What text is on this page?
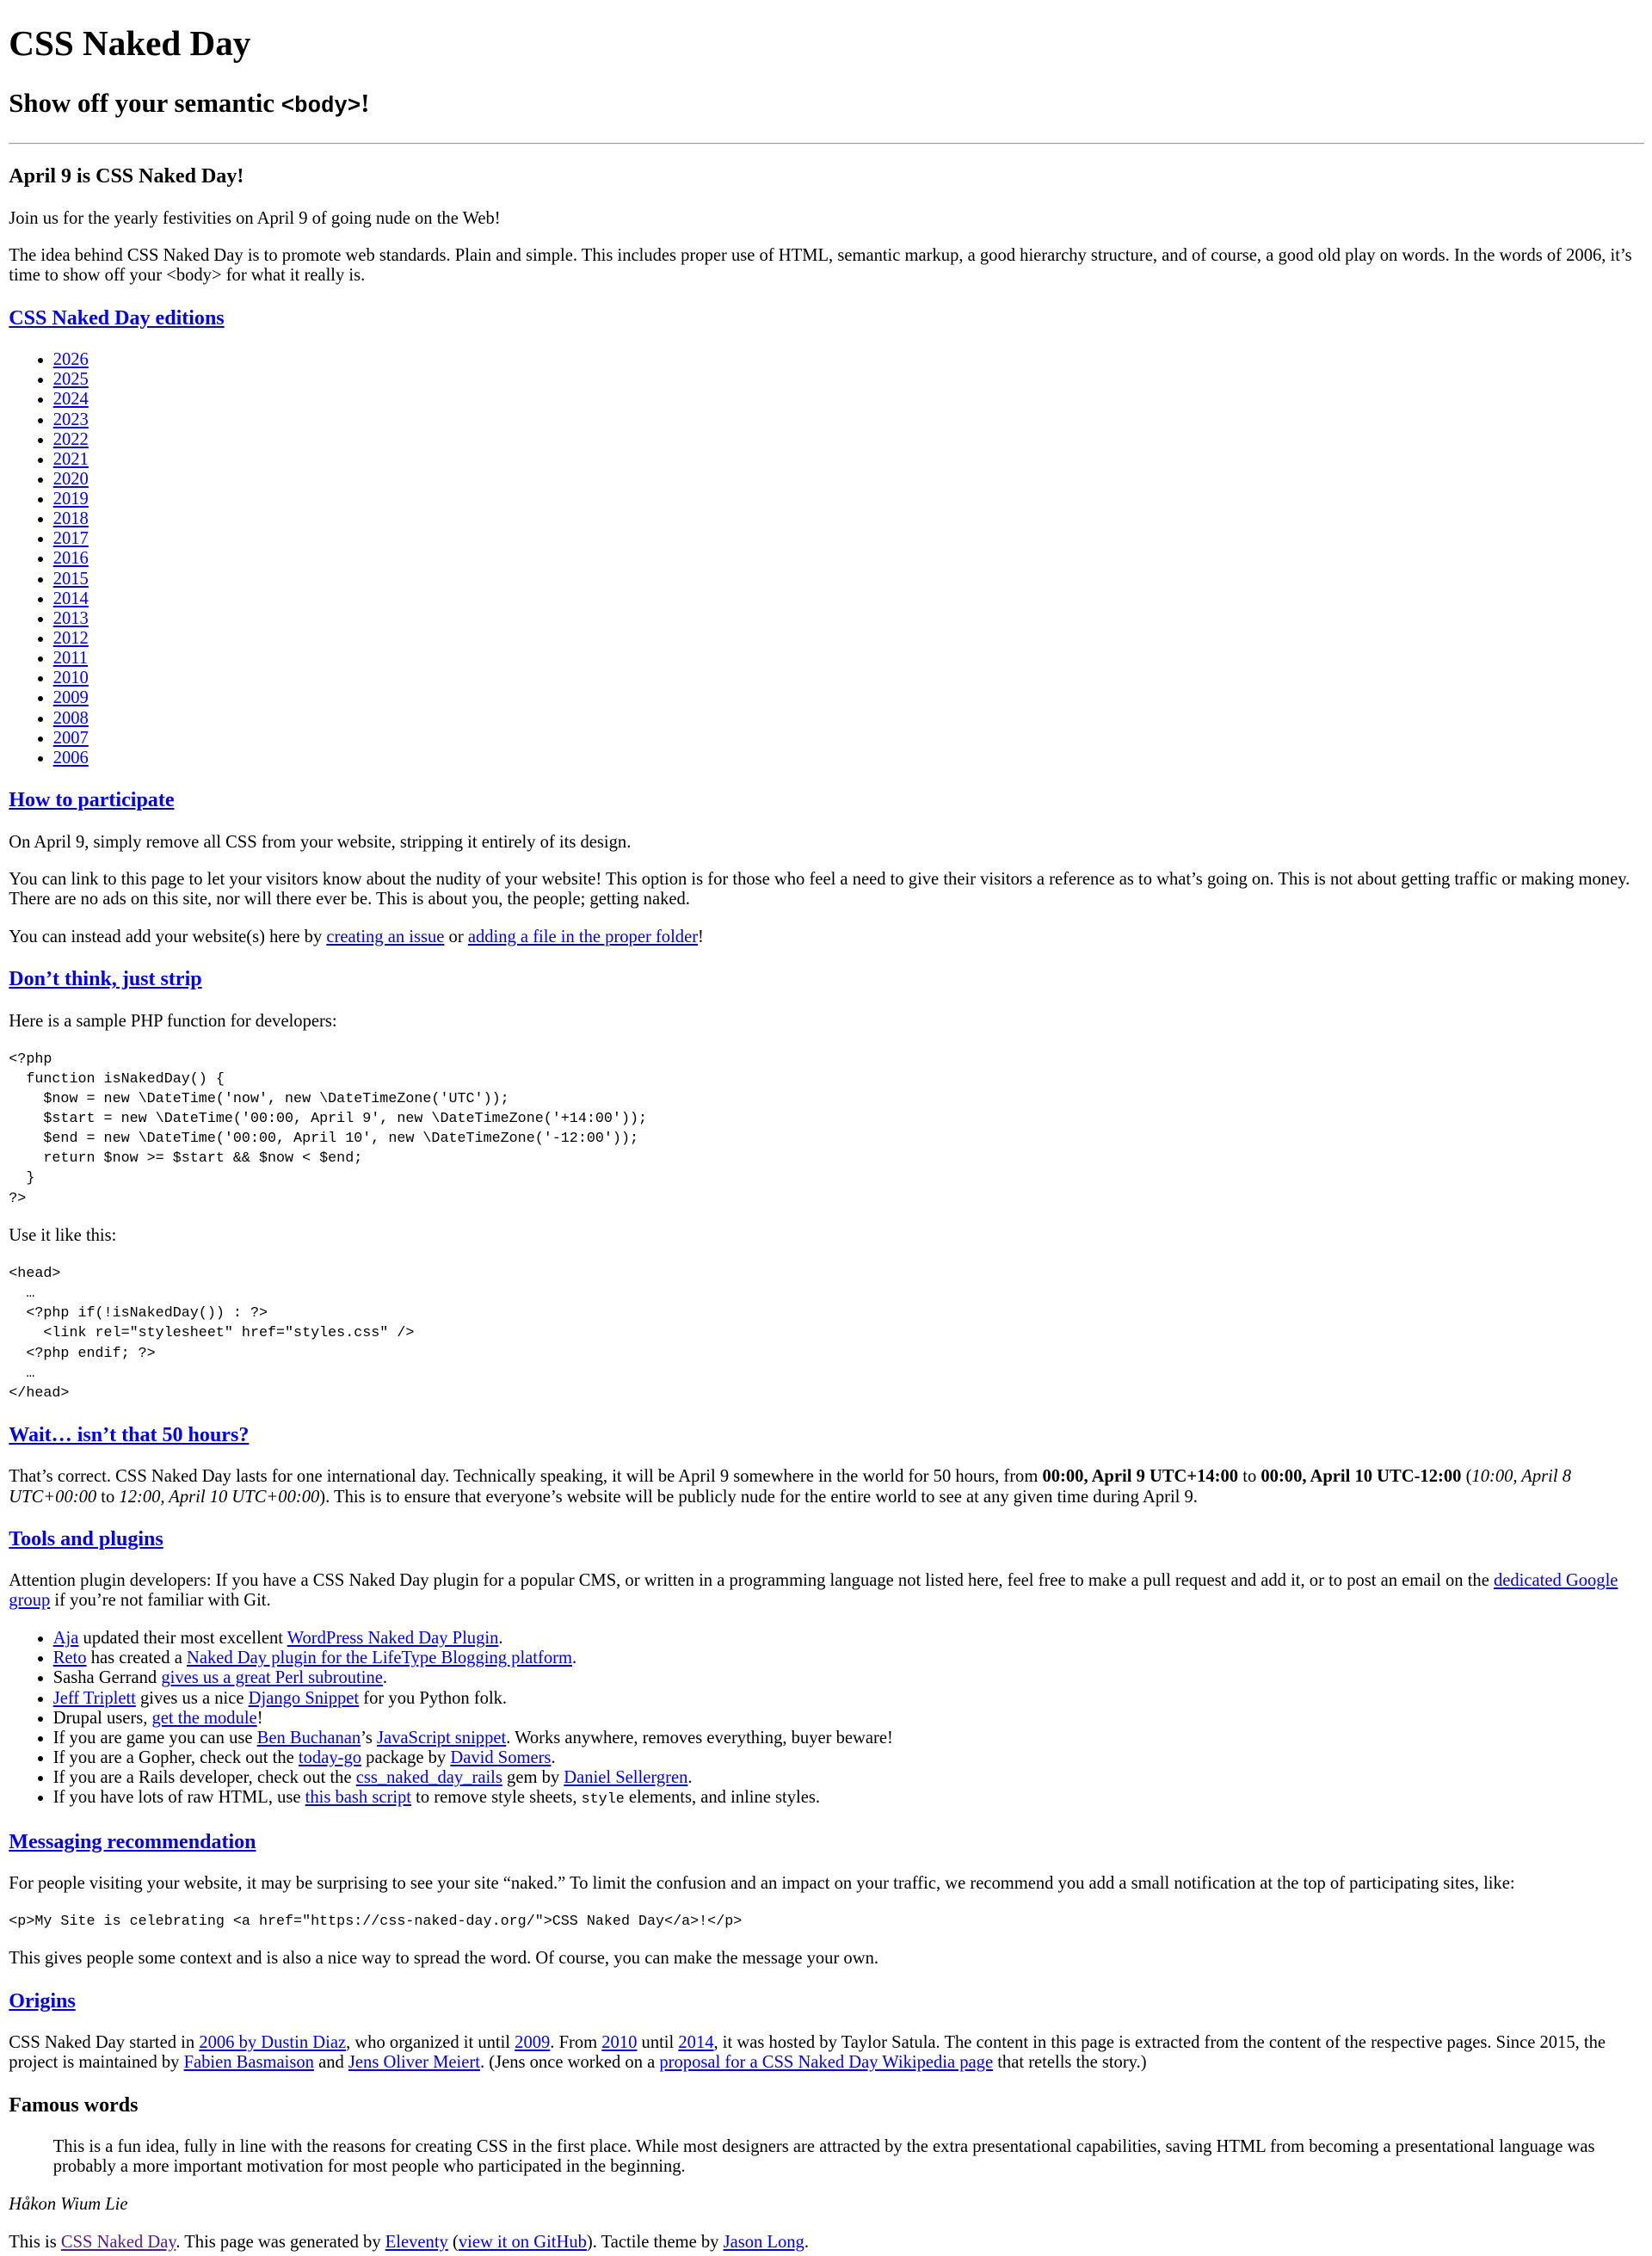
CSS Naked Day
Show off your semantic <body>!
April 9 is CSS Naked Day!

Join us for the yearly festivities on April 9 of going nude on the Web!

The idea behind CSS Naked Day is to promote web standards. Plain and simple. This includes proper use of HTML, semantic markup, a good hierarchy structure, and of course, a good old play on words. In the words of 2006, it’s time to show off your <body> for what it really is.

CSS Naked Day editions
• 2026
• 2025
• 2024
• 2023
• 2022
• 2021
• 2020
• 2019
• 2018
• 2017
• 2016
• 2015
• 2014
• 2013
• 2012
• 2011
• 2010
• 2009
• 2008
• 2007
• 2006
How to participate

On April 9, simply remove all CSS from your website, stripping it entirely of its design.

You can link to this page to let your visitors know about the nudity of your website! This option is for those who feel a need to give their visitors a reference as to what’s going on. This is not about getting traffic or making money. There are no ads on this site, nor will there ever be. This is about you, the people; getting naked.

You can instead add your website(s) here by creating an issue or adding a file in the proper folder!

Don’t think, just strip

Here is a sample PHP function for developers:

<?php
function isNakedDay() {
$now = new \DateTime('now', new \DateTimeZone('UTC'));
$start = new \DateTime('00:00, April 9', new \DateTimeZone('+14:00'));
$end = new \DateTime('00:00, April 10', new \DateTimeZone('-12:00'));
return $now >= $start && $now < $end;
}
?>

Use it like this:

<head>
…
<?php if(!isNakedDay()) : ?>
<link rel="stylesheet" href="styles.css" />
<?php endif; ?>
…
</head>
Wait… isn’t that 50 hours?

That’s correct. CSS Naked Day lasts for one international day. Technically speaking, it will be April 9 somewhere in the world for 50 hours, from 00:00, April 9 UTC+14:00 to 00:00, April 10 UTC-12:00 (10:00, April 8 UTC+00:00 to 12:00, April 10 UTC+00:00). This is to ensure that everyone’s website will be publicly nude for the entire world to see at any given time during April 9.

Tools and plugins

Attention plugin developers: If you have a CSS Naked Day plugin for a popular CMS, or written in a programming language not listed here, feel free to make a pull request and add it, or to post an email on the dedicated Google group if you’re not familiar with Git.

• Aja updated their most excellent WordPress Naked Day Plugin.
• Reto has created a Naked Day plugin for the LifeType Blogging platform.
• Sasha Gerrand gives us a great Perl subroutine.
• Jeff Triplett gives us a nice Django Snippet for you Python folk.
• Drupal users, get the module!
• If you are game you can use Ben Buchanan’s JavaScript snippet. Works anywhere, removes everything, buyer beware!
• If you are a Gopher, check out the today-go package by David Somers.
• If you are a Rails developer, check out the css_naked_day_rails gem by Daniel Sellergren.
• If you have lots of raw HTML, use this bash script to remove style sheets, style elements, and inline styles.
Messaging recommendation

For people visiting your website, it may be surprising to see your site “naked.” To limit the confusion and an impact on your traffic, we recommend you add a small notification at the top of participating sites, like:

<p>My Site is celebrating <a href="https://css-naked-day.org/">CSS Naked Day</a>!</p>

This gives people some context and is also a nice way to spread the word. Of course, you can make the message your own.

Origins

CSS Naked Day started in 2006 by Dustin Diaz, who organized it until 2009. From 2010 until 2014, it was hosted by Taylor Satula. The content in this page is extracted from the content of the respective pages. Since 2015, the project is maintained by Fabien Basmaison and Jens Oliver Meiert. (Jens once worked on a proposal for a CSS Naked Day Wikipedia page that retells the story.)

Famous words

This is a fun idea, fully in line with the reasons for creating CSS in the first place. While most designers are attracted by the extra presentational capabilities, saving HTML from becoming a presentational language was probably a more important motivation for most people who participated in the beginning.

Håkon Wium Lie

This is CSS Naked Day. This page was generated by Eleventy (view it on GitHub). Tactile theme by Jason Long.
